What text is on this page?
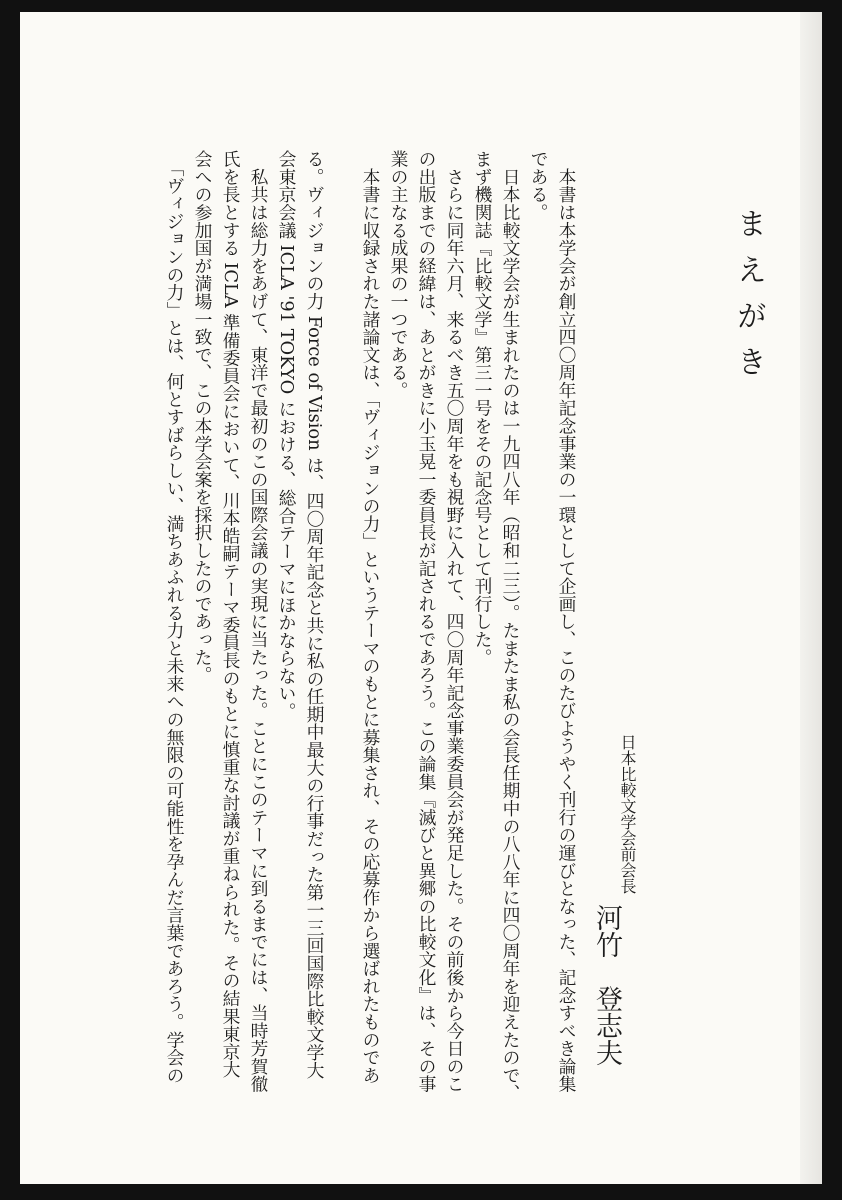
まえがき
日本比較文学会前会長
河竹　登志夫

　本書は本学会が創立四〇周年記念事業の一環として企画し、このたびようやく刊行の運びとなった、記念すべき論集

である。

　日本比較文学会が生まれたのは一九四八年（昭和二三）。たまたま私の会長任期中の八八年に四〇周年を迎えたので、

まず機関誌『比較文学』第三一号をその記念号として刊行した。

　さらに同年六月、来るべき五〇周年をも視野に入れて、四〇周年記念事業委員会が発足した。その前後から今日のこ

の出版までの経緯は、あとがきに小玉晃一委員長が記されるであろう。この論集『滅びと異郷の比較文化』は、その事

業の主なる成果の一つである。

　本書に収録された諸論文は、「ヴィジョンの力」というテーマのもとに募集され、その応募作から選ばれたものであ

る。ヴィジョンの力 Force of Vision は、四〇周年記念と共に私の任期中最大の行事だった第一三回国際比較文学大

会東京会議 ICLA '91 TOKYO における、総合テーマにほかならない。

　私共は総力をあげて、東洋で最初のこの国際会議の実現に当たった。ことにこのテーマに到るまでには、当時芳賀徹

氏を長とする ICLA 準備委員会において、川本皓嗣テーマ委員長のもとに慎重な討議が重ねられた。その結果東京大

会への参加国が満場一致で、この本学会案を採択したのであった。

　「ヴィジョンの力」とは、何とすばらしい、満ちあふれる力と未来への無限の可能性を孕んだ言葉であろう。学会の
